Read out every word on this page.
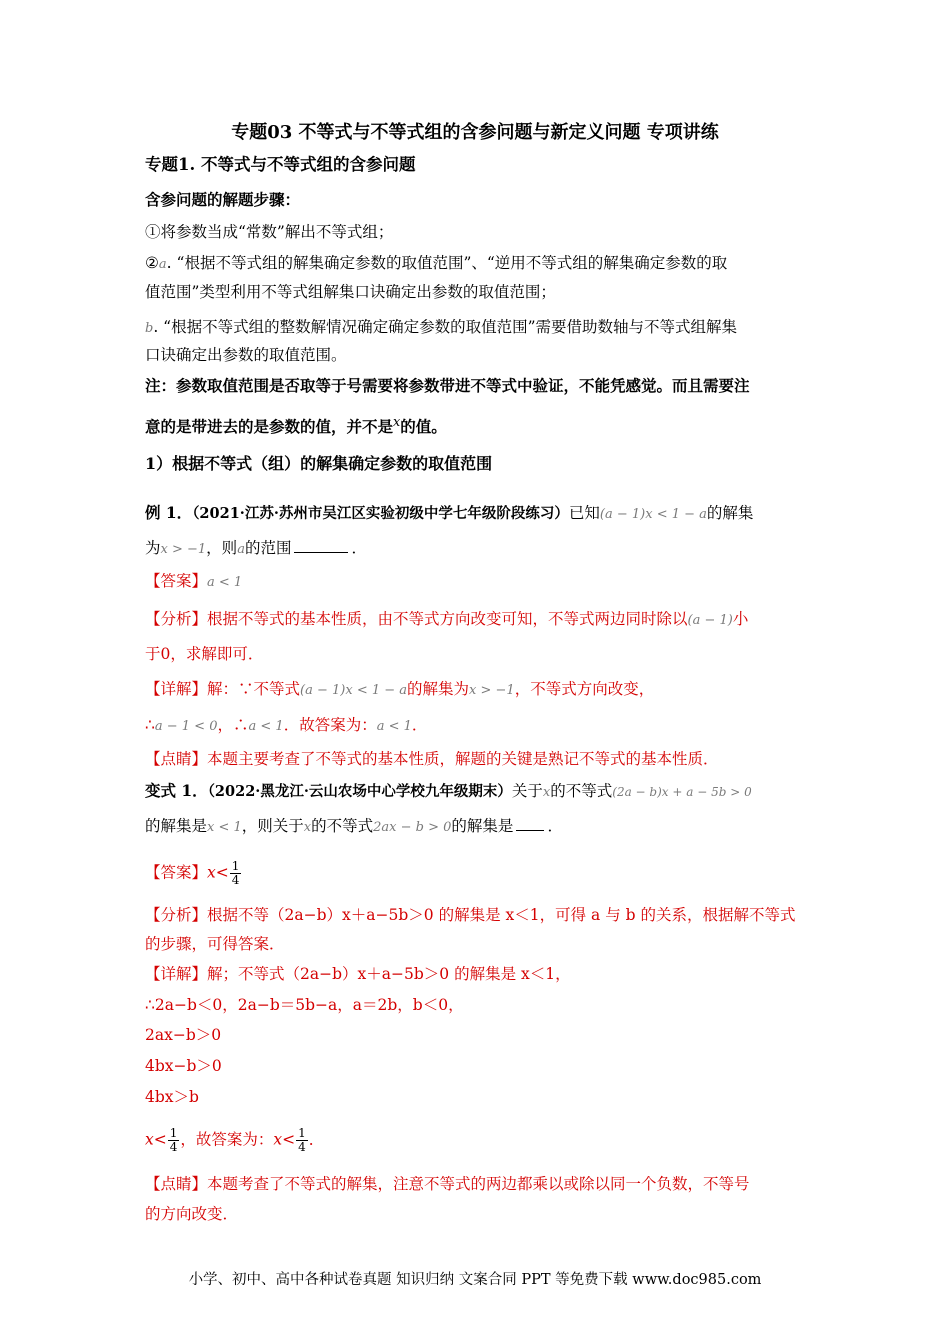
专题03 不等式与不等式组的含参问题与新定义问题 专项讲练
专题1. 不等式与不等式组的含参问题
含参问题的解题步骤：
①将参数当成“常数”解出不等式组；
②a. “根据不等式组的解集确定参数的取值范围”、“逆用不等式组的解集确定参数的取
值范围”类型利用不等式组解集口诀确定出参数的取值范围；
b. “根据不等式组的整数解情况确定确定参数的取值范围”需要借助数轴与不等式组解集
口诀确定出参数的取值范围。
注：参数取值范围是否取等于号需要将参数带进不等式中验证，不能凭感觉。而且需要注
意的是带进去的是参数的值，并不是$^x$的值。
1）根据不等式（组）的解集确定参数的取值范围
例 1．（2021·江苏·苏州市吴江区实验初级中学七年级阶段练习）已知(a − 1)x < 1 − a的解集
为x > −1，则a的范围	．
【答案】a < 1
【分析】根据不等式的基本性质，由不等式方向改变可知，不等式两边同时除以(a − 1)小
于0，求解即可．
【详解】解：∵不等式(a − 1)x < 1 − a的解集为x > −1，不等式方向改变，
∴a − 1 < 0，∴a < 1．故答案为：a < 1．
【点睛】本题主要考查了不等式的基本性质，解题的关键是熟记不等式的基本性质．
变式 1．（2022·黑龙江·云山农场中心学校九年级期末）关于x的不等式(2a − b)x + a − 5b > 0
的解集是x < 1，则关于x的不等式2ax − b > 0的解集是 ．
【答案】$x< \frac{1}{4}$
【分析】根据不等（2a−b）x＋a−5b＞0 的解集是 x＜1，可得 a 与 b 的关系，根据解不等式
的步骤，可得答案．
【详解】解；不等式（2a−b）x＋a−5b＞0 的解集是 x＜1，
∴2a−b＜0，2a−b＝5b−a，a＝2b，b＜0，
2ax−b＞0
4bx−b＞0
4bx＞b
$x< \frac{1}{4}$ ，故答案为：$x< \frac{1}{4}$ ．
【点睛】本题考查了不等式的解集，注意不等式的两边都乘以或除以同一个负数，不等号
的方向改变．
小学、初中、高中各种试卷真题 知识归纳 文案合同 PPT 等免费下载 www.doc985.com
